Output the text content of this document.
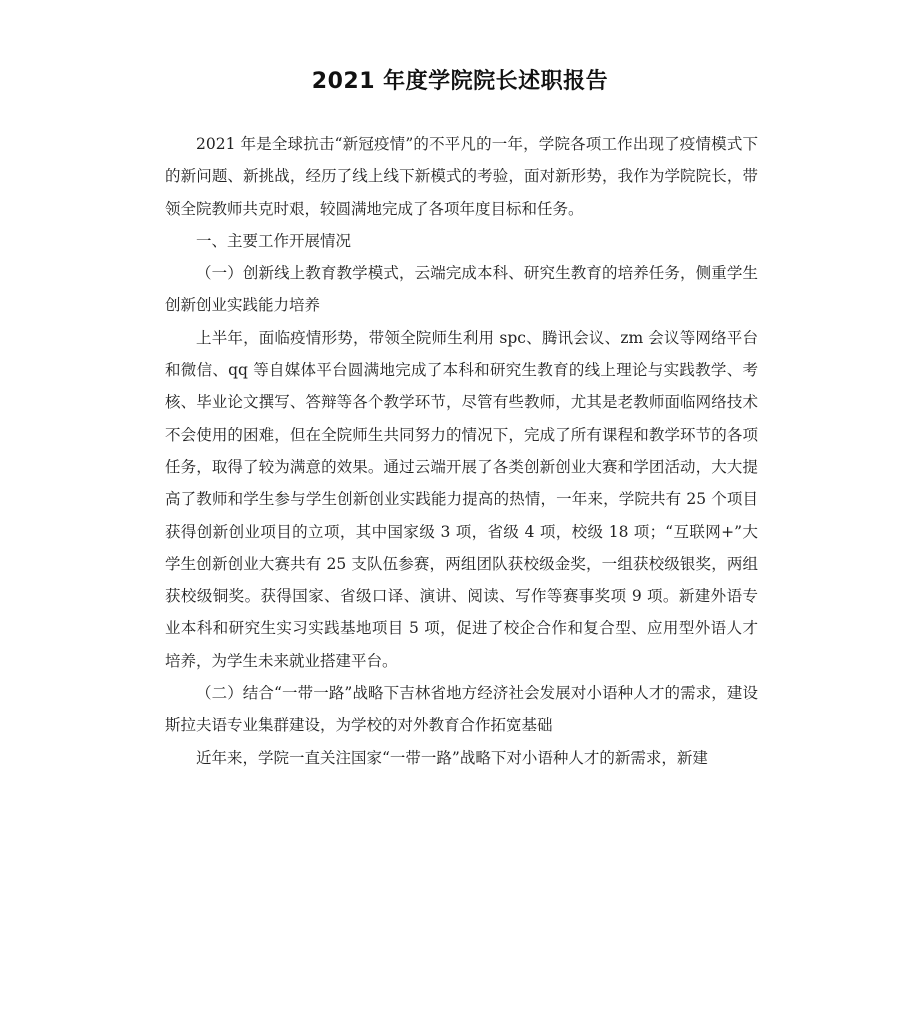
2021 年度学院院长述职报告

2021 年是全球抗击“新冠疫情”的不平凡的一年，学院各项工作出现了疫情模式下的新问题、新挑战，经历了线上线下新模式的考验，面对新形势，我作为学院院长，带领全院教师共克时艰，较圆满地完成了各项年度目标和任务。

一、主要工作开展情况

（一）创新线上教育教学模式，云端完成本科、研究生教育的培养任务，侧重学生创新创业实践能力培养

上半年，面临疫情形势，带领全院师生利用 spc、腾讯会议、zm 会议等网络平台和微信、qq 等自媒体平台圆满地完成了本科和研究生教育的线上理论与实践教学、考核、毕业论文撰写、答辩等各个教学环节，尽管有些教师，尤其是老教师面临网络技术不会使用的困难，但在全院师生共同努力的情况下，完成了所有课程和教学环节的各项任务，取得了较为满意的效果。通过云端开展了各类创新创业大赛和学团活动，大大提高了教师和学生参与学生创新创业实践能力提高的热情，一年来，学院共有 25 个项目获得创新创业项目的立项，其中国家级 3 项，省级 4 项，校级 18 项；“互联网+”大学生创新创业大赛共有 25 支队伍参赛，两组团队获校级金奖，一组获校级银奖，两组获校级铜奖。获得国家、省级口译、演讲、阅读、写作等赛事奖项 9 项。新建外语专业本科和研究生实习实践基地项目 5 项，促进了校企合作和复合型、应用型外语人才培养，为学生未来就业搭建平台。

（二）结合“一带一路”战略下吉林省地方经济社会发展对小语种人才的需求，建设斯拉夫语专业集群建设，为学校的对外教育合作拓宽基础

近年来，学院一直关注国家“一带一路”战略下对小语种人才的新需求，新建
